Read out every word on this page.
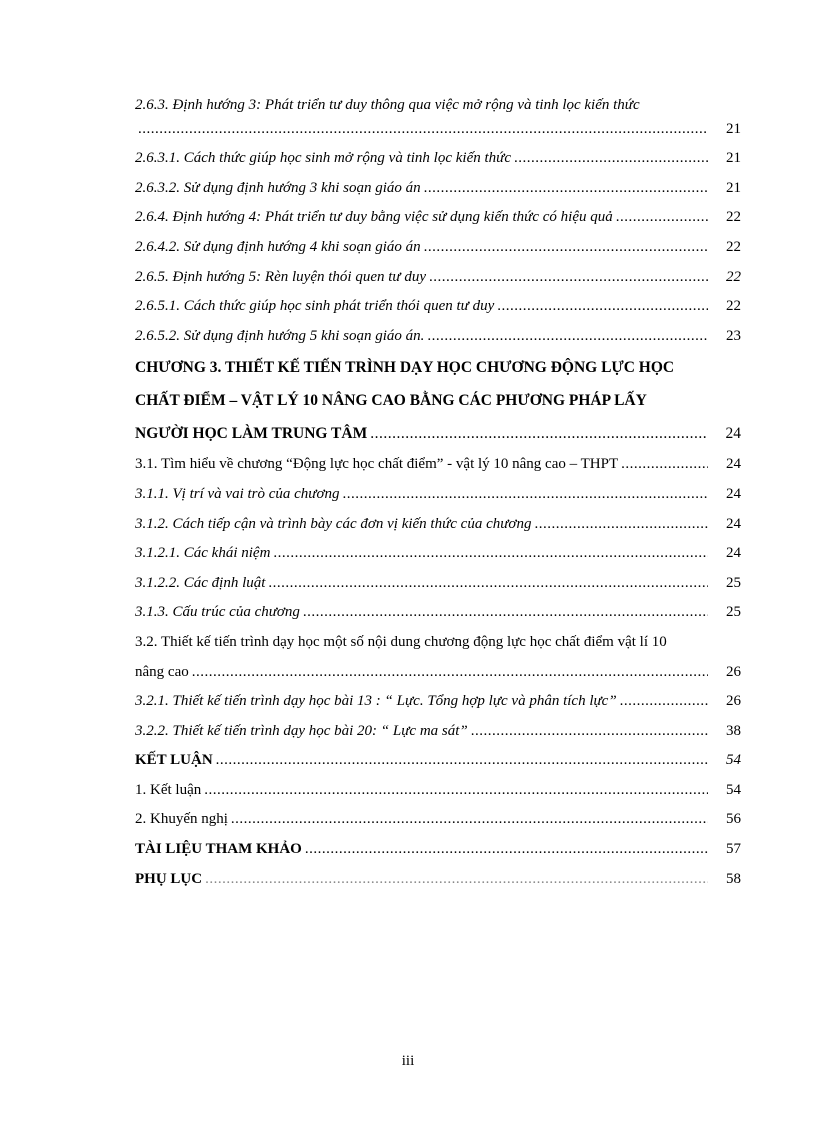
2.6.3. Định hướng 3: Phát triển tư duy thông qua việc mở rộng và tinh lọc kiến thức
.....
21
2.6.3.1. Cách thức giúp học sinh mở rộng và tinh lọc kiến thức .....	21
2.6.3.2. Sử dụng định hướng 3 khi soạn giáo án .....	21
2.6.4. Định hướng 4: Phát triển tư duy bằng việc sử dụng kiến thức có hiệu quả .....	22
2.6.4.2. Sử dụng định hướng 4 khi soạn giáo án .....	22
2.6.5. Định hướng 5: Rèn luyện thói quen tư duy .....	22
2.6.5.1. Cách thức giúp học sinh phát triển thói quen tư duy .....	22
2.6.5.2. Sử dụng định hướng 5 khi soạn giáo án. .....	23
CHƯƠNG 3. THIẾT KẾ TIẾN TRÌNH DẠY HỌC CHƯƠNG ĐỘNG LỰC HỌC
CHẤT ĐIỂM – VẬT LÝ 10 NÂNG CAO BẰNG CÁC PHƯƠNG PHÁP LẤY
NGƯỜI HỌC LÀM TRUNG TÂM .....	24
3.1. Tìm hiểu về chương “Động lực học chất điểm” - vật lý 10 nâng cao – THPT .....	24
3.1.1. Vị trí và vai trò của chương .....	24
3.1.2. Cách tiếp cận và trình bày các đơn vị kiến thức của chương .....	24
3.1.2.1. Các khái niệm .....	24
3.1.2.2. Các định luật .....	25
3.1.3. Cấu trúc của chương .....	25
3.2. Thiết kế tiến trình dạy học một số nội dung chương động lực học chất điểm vật lí 10
nâng cao .....	26
3.2.1. Thiết kế tiến trình dạy học bài 13 : “ Lực. Tổng hợp lực và phân tích lực” .....	26
3.2.2. Thiết kế tiến trình dạy học bài 20: “ Lực ma sát” .....	38
KẾT LUẬN .....	54
1. Kết luận .....	54
2. Khuyến nghị .....	56
TÀI LIỆU THAM KHẢO .....	57
PHỤ LỤC .....	58
iii
